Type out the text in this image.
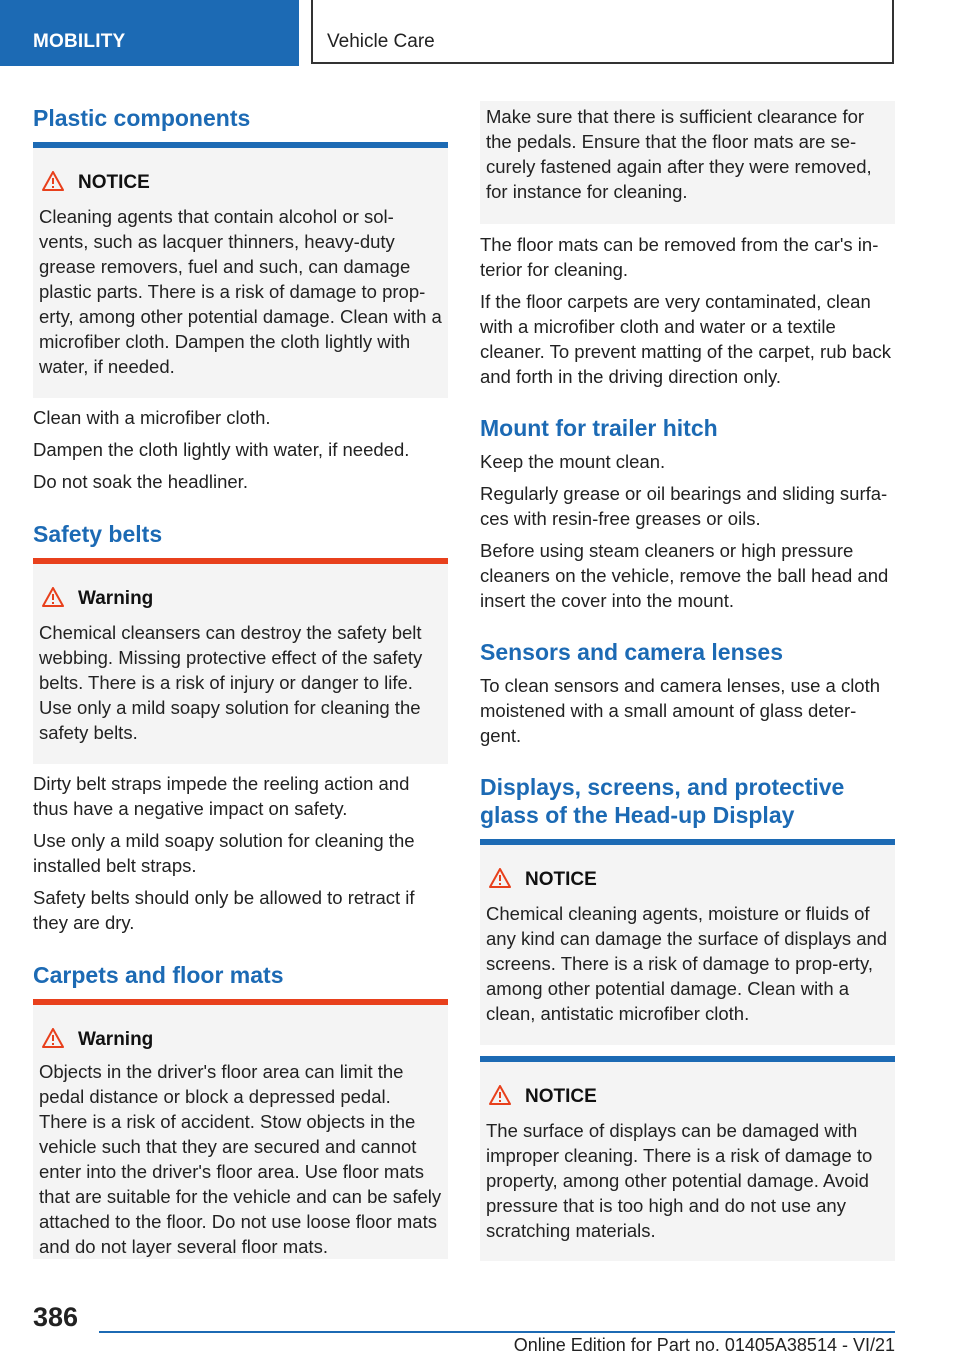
MOBILITY	Vehicle Care
Plastic components
NOTICE

Cleaning agents that contain alcohol or sol-vents, such as lacquer thinners, heavy-duty grease removers, fuel and such, can damage plastic parts. There is a risk of damage to prop-erty, among other potential damage. Clean with a microfiber cloth. Dampen the cloth lightly with water, if needed.

Clean with a microfiber cloth.

Dampen the cloth lightly with water, if needed.

Do not soak the headliner.

Safety belts
Warning

Chemical cleansers can destroy the safety belt webbing. Missing protective effect of the safety belts. There is a risk of injury or danger to life. Use only a mild soapy solution for cleaning the safety belts.

Dirty belt straps impede the reeling action and thus have a negative impact on safety.

Use only a mild soapy solution for cleaning the installed belt straps.

Safety belts should only be allowed to retract if they are dry.

Carpets and floor mats
Warning

Objects in the driver's floor area can limit the pedal distance or block a depressed pedal. There is a risk of accident. Stow objects in the vehicle such that they are secured and cannot enter into the driver's floor area. Use floor mats that are suitable for the vehicle and can be safely attached to the floor. Do not use loose floor mats and do not layer several floor mats.

Make sure that there is sufficient clearance for the pedals. Ensure that the floor mats are se-curely fastened again after they were removed, for instance for cleaning.

The floor mats can be removed from the car's in-terior for cleaning.

If the floor carpets are very contaminated, clean with a microfiber cloth and water or a textile cleaner. To prevent matting of the carpet, rub back and forth in the driving direction only.

Mount for trailer hitch

Keep the mount clean.

Regularly grease or oil bearings and sliding surfa-ces with resin-free greases or oils.

Before using steam cleaners or high pressure cleaners on the vehicle, remove the ball head and insert the cover into the mount.

Sensors and camera lenses

To clean sensors and camera lenses, use a cloth moistened with a small amount of glass deter-gent.

Displays, screens, and protective glass of the Head-up Display
NOTICE

Chemical cleaning agents, moisture or fluids of any kind can damage the surface of displays and screens. There is a risk of damage to prop-erty, among other potential damage. Clean with a clean, antistatic microfiber cloth.

NOTICE

The surface of displays can be damaged with improper cleaning. There is a risk of damage to property, among other potential damage. Avoid pressure that is too high and do not use any scratching materials.

386
Online Edition for Part no. 01405A38514 - VI/21
